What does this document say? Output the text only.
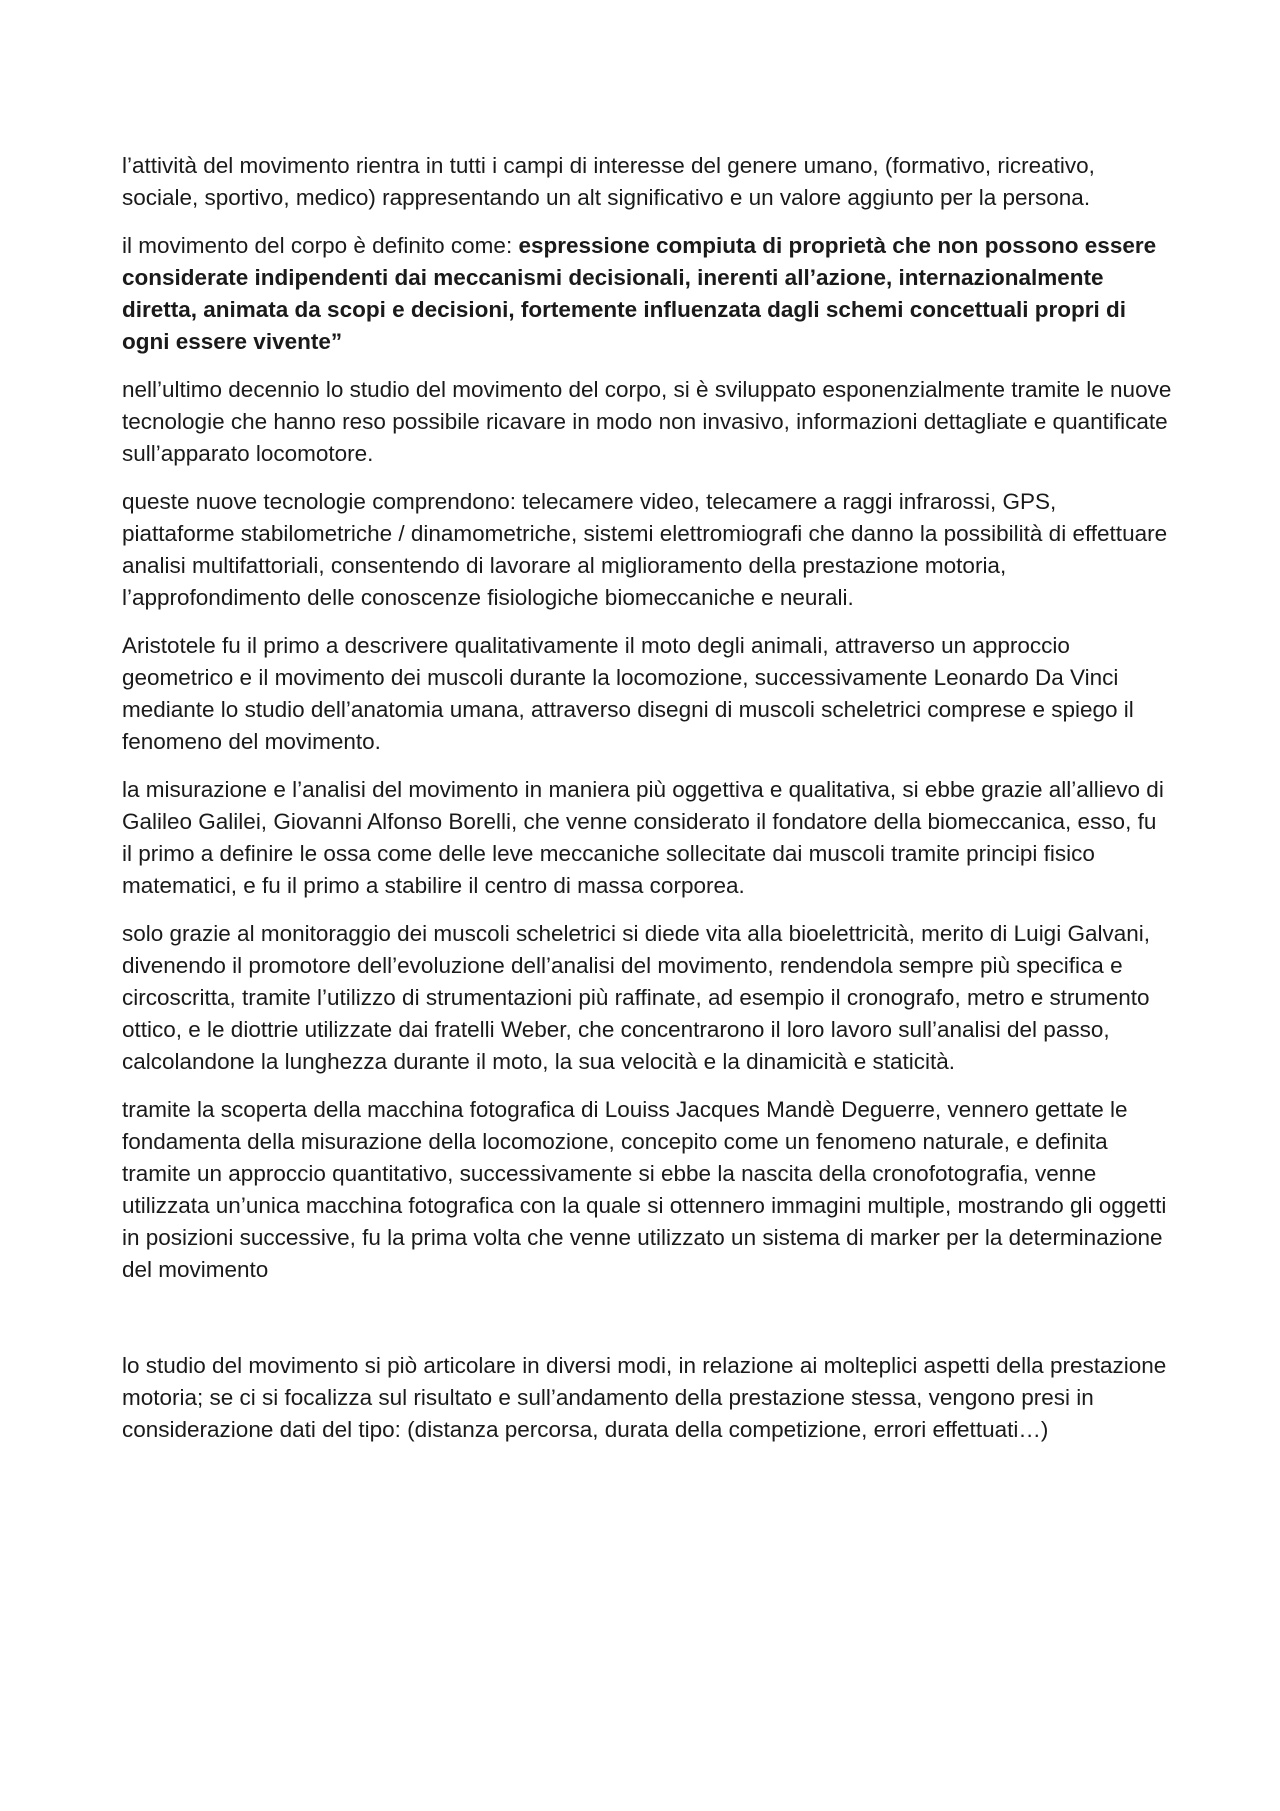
l’attività del movimento rientra in tutti i campi di interesse del genere umano, (formativo, ricreativo, sociale, sportivo, medico) rappresentando un alt significativo e un valore aggiunto per la persona.

il movimento del corpo è definito come: espressione compiuta di proprietà che non possono essere considerate indipendenti dai meccanismi decisionali, inerenti all’azione, internazionalmente diretta, animata da scopi e decisioni, fortemente influenzata dagli schemi concettuali propri di ogni essere vivente”

nell’ultimo decennio lo studio del movimento del corpo, si è sviluppato esponenzialmente tramite le nuove tecnologie che hanno reso possibile ricavare in modo non invasivo, informazioni dettagliate e quantificate sull’apparato locomotore.

queste nuove tecnologie comprendono: telecamere video, telecamere a raggi infrarossi, GPS, piattaforme stabilometriche / dinamometriche, sistemi elettromiografi che danno la possibilità di effettuare analisi multifattoriali, consentendo di lavorare al miglioramento della prestazione motoria, l’approfondimento delle conoscenze fisiologiche biomeccaniche e neurali.

Aristotele fu il primo a descrivere qualitativamente il moto degli animali, attraverso un approccio geometrico e il movimento dei muscoli durante la locomozione, successivamente Leonardo Da Vinci mediante lo studio dell’anatomia umana, attraverso disegni di muscoli scheletrici comprese e spiego il fenomeno del movimento.

la misurazione e l’analisi del movimento in maniera più oggettiva e qualitativa, si ebbe grazie all’allievo di Galileo Galilei, Giovanni Alfonso Borelli, che venne considerato il fondatore della biomeccanica, esso, fu il primo a definire le ossa come delle leve meccaniche sollecitate dai muscoli tramite principi fisico matematici, e fu il primo a stabilire il centro di massa corporea.

solo grazie al monitoraggio dei muscoli scheletrici si diede vita alla bioelettricità, merito di Luigi Galvani, divenendo il promotore dell’evoluzione dell’analisi del movimento, rendendola sempre più specifica e circoscritta, tramite l’utilizzo di strumentazioni più raffinate, ad esempio il cronografo, metro e strumento ottico, e le diottrie utilizzate dai fratelli Weber, che concentrarono il loro lavoro sull’analisi del passo, calcolandone la lunghezza durante il moto, la sua velocità e la dinamicità e staticità.

tramite la scoperta della macchina fotografica di Louiss Jacques Mandè Deguerre, vennero gettate le fondamenta della misurazione della locomozione, concepito come un fenomeno naturale, e definita tramite un approccio quantitativo, successivamente si ebbe la nascita della cronofotografia, venne utilizzata un’unica macchina fotografica con la quale si ottennero immagini multiple, mostrando gli oggetti in posizioni successive, fu la prima volta che venne utilizzato un sistema di marker per la determinazione del movimento

lo studio del movimento si piò articolare in diversi modi, in relazione ai molteplici aspetti della prestazione motoria; se ci si focalizza sul risultato e sull’andamento della prestazione stessa, vengono presi in considerazione dati del tipo: (distanza percorsa, durata della competizione, errori effettuati…)
